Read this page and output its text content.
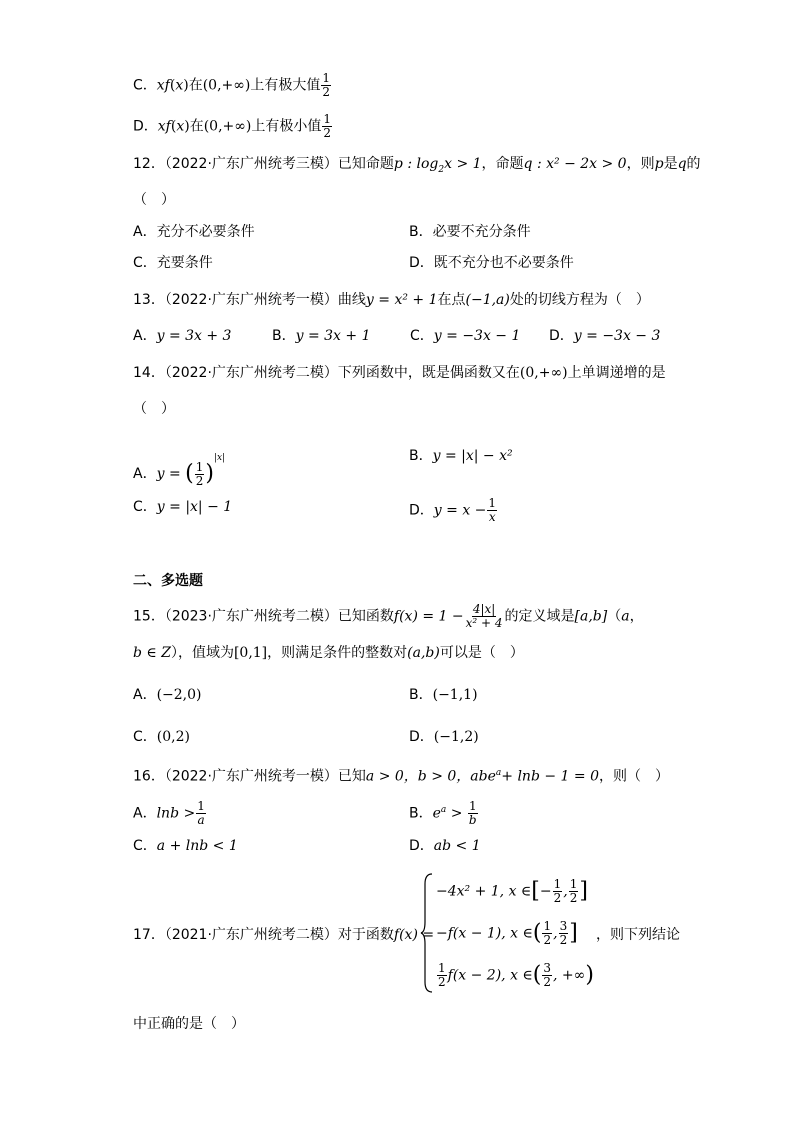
C．xf(x)在(0,+∞)上有极大值 $\frac{1}{2}$
D．xf(x)在(0,+∞)上有极小值 $\frac{1}{2}$
12．（2022·广东广州统考三模）已知命题p : $\log_2x > 1$，命题q : x² − 2x > 0，则p是q的
（　）
A．充分不必要条件	B．必要不充分条件
C．充要条件	D．既不充分也不必要条件
13．（2022·广东广州统考一模）曲线y = x² + 1在点(−1,a)处的切线方程为（　）
A．y = 3x + 3	B．y = 3x + 1	C．y = −3x − 1 D．y = −3x − 3
14．（2022·广东广州统考二模）下列函数中，既是偶函数又在(0,+∞)上单调递增的是
（　）
A．y = ( $\frac{1}{2} )^{|x|}$	B．y = |x| − x²
C．y = |x| − 1	D．$y = x - \frac{1}{x}$
二、多选题
15．（2023·广东广州统考二模）已知函数$f(x) = 1 - \frac{4|x|}{\text{x² + 4}}$ 的定义域是[a,b]（a，
b ∈ Z），值域为[0,1]，则满足条件的整数对(a,b)可以是（　）
A．(−2,0)	B．(−1,1)
C．(0,2)	D．(−1,2)
16．（2022·广东广州统考一模）已知a > 0，b > 0，abe$^a$+ lnb − 1 = 0，则（　）
A．$\ln b > \frac{1}{a}$	B．$e^a > \frac{1}{b}$
C．a + lnb < 1	D．ab < 1
17．（2021·广东广州统考二模）对于函数f(x) =
−4x² + 1, x ∈[− $\frac{1}{2}$ , $\frac{1}{2}$ ]
−f(x − 1), x ∈( $\frac{1}{2}$ , $\frac{3}{2}$ ]
$\frac{1}{2} f(x - 2)$, x ∈( $\frac{3}{2}$ , +∞)
，则下列结论
中正确的是（　）
